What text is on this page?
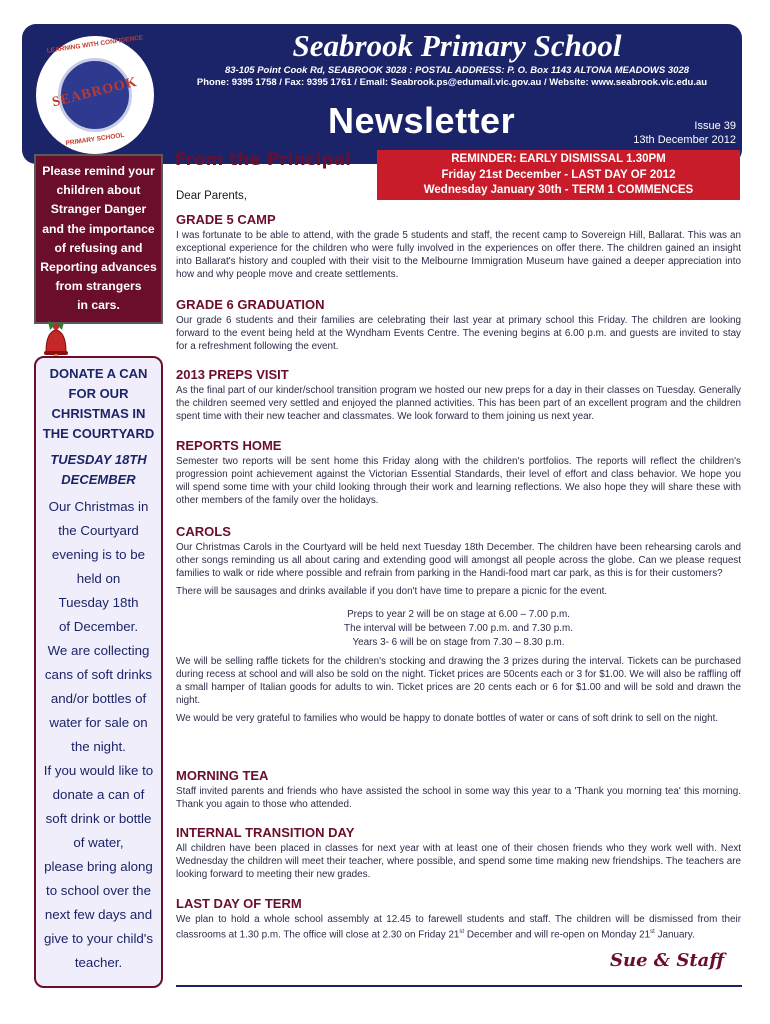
LEARNING WITH CONFIDENCE
SEABROOK
PRIMARY SCHOOL
Seabrook Primary School
83-105 Point Cook Rd, SEABROOK 3028 : POSTAL ADDRESS: P. O. Box 1143 ALTONA MEADOWS 3028
Phone: 9395 1758 / Fax: 9395 1761 / Email: Seabrook.ps@edumail.vic.gov.au / Website: www.seabrook.vic.edu.au
Newsletter	Issue 39
13th December 2012
Please remind your
children about
Stranger Danger
and the importance
of refusing and
Reporting advances
from strangers
in cars.
DONATE A CAN
FOR OUR
CHRISTMAS IN
THE COURTYARD
TUESDAY 18TH
DECEMBER
Our Christmas in
the Courtyard
evening is to be
held on
Tuesday 18th
of December.
We are collecting
cans of soft drinks
and/or bottles of
water for sale on
the night.
If you would like to
donate a can of
soft drink or bottle
of water,
please bring along
to school over the
next few days and
give to your child's
teacher.
From the Principal
Dear Parents,
REMINDER: EARLY DISMISSAL 1.30PM
Friday 21st December - LAST DAY OF 2012
Wednesday January 30th - TERM 1 COMMENCES
GRADE 5 CAMP

I was fortunate to be able to attend, with the grade 5 students and staff, the recent camp to Sovereign Hill, Ballarat. This was an exceptional experience for the children who were fully involved in the experiences on offer there. The children gained an insight into Ballarat's history and coupled with their visit to the Melbourne Immigration Museum have gained a deeper appreciation into how and why people move and create settlements.

GRADE 6 GRADUATION

Our grade 6 students and their families are celebrating their last year at primary school this Friday. The children are looking forward to the event being held at the Wyndham Events Centre. The evening begins at 6.00 p.m. and guests are invited to stay for a refreshment following the event.

2013 PREPS VISIT

As the final part of our kinder/school transition program we hosted our new preps for a day in their classes on Tuesday. Generally the children seemed very settled and enjoyed the planned activities. This has been part of an excellent program and the children spent time with their new teacher and classmates. We look forward to them joining us next year.

REPORTS HOME

Semester two reports will be sent home this Friday along with the children's portfolios. The reports will reflect the children's progression point achievement against the Victorian Essential Standards, their level of effort and class behavior. We hope you will spend some time with your child looking through their work and learning reflections. We also hope they will share these with other members of the family over the holidays.

CAROLS

Our Christmas Carols in the Courtyard will be held next Tuesday 18th December. The children have been rehearsing carols and other songs reminding us all about caring and extending good will amongst all people across the globe. Can we please request families to walk or ride where possible and refrain from parking in the Handi-food mart car park, as this is for their customers?

There will be sausages and drinks available if you don't have time to prepare a picnic for the event.

Preps to year 2 will be on stage at 6.00 – 7.00 p.m.

The interval will be between 7.00 p.m. and 7.30 p.m.

Years 3- 6 will be on stage from 7.30 – 8.30 p.m.

We will be selling raffle tickets for the children's stocking and drawing the 3 prizes during the interval. Tickets can be purchased during recess at school and will also be sold on the night. Ticket prices are 50cents each or 3 for $1.00. We will also be raffling off a small hamper of Italian goods for adults to win. Ticket prices are 20 cents each or 6 for $1.00 and will be sold and drawn the night.

We would be very grateful to families who would be happy to donate bottles of water or cans of soft drink to sell on the night.

MORNING TEA

Staff invited parents and friends who have assisted the school in some way this year to a 'Thank you morning tea' this morning. Thank you again to those who attended.

INTERNAL TRANSITION DAY

All children have been placed in classes for next year with at least one of their chosen friends who they work well with. Next Wednesday the children will meet their teacher, where possible, and spend some time making new friendships. The teachers are looking forward to meeting their new grades.

LAST DAY OF TERM

We plan to hold a whole school assembly at 12.45 to farewell students and staff. The children will be dismissed from their classrooms at 1.30 p.m. The office will close at 2.30 on Friday 21st December and will re-open on Monday 21st January.

Sue & Staff
